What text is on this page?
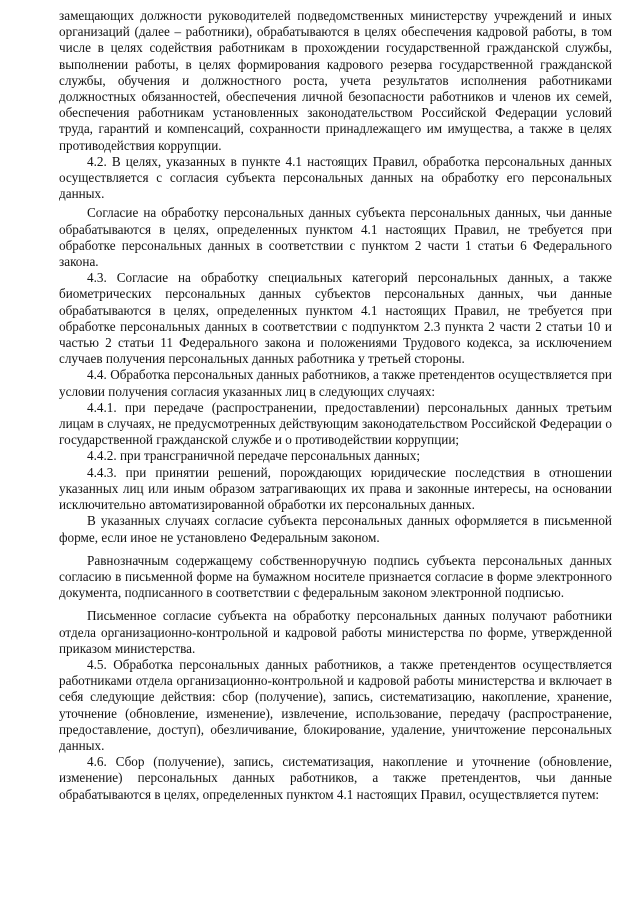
замещающих должности руководителей подведомственных министерству учреждений и иных организаций (далее – работники), обрабатываются в целях обеспечения кадровой работы, в том числе в целях содействия работникам в прохождении государственной гражданской службы, выполнении работы, в целях формирования кадрового резерва государственной гражданской службы, обучения и должностного роста, учета результатов исполнения работниками должностных обязанностей, обеспечения личной безопасности работников и членов их семей, обеспечения работникам установленных законодательством Российской Федерации условий труда, гарантий и компенсаций, сохранности принадлежащего им имущества, а также в целях противодействия коррупции.

4.2. В целях, указанных в пункте 4.1 настоящих Правил, обработка персональных данных осуществляется с согласия субъекта персональных данных на обработку его персональных данных.

Согласие на обработку персональных данных субъекта персональных данных, чьи данные обрабатываются в целях, определенных пунктом 4.1 настоящих Правил, не требуется при обработке персональных данных в соответствии с пунктом 2 части 1 статьи 6 Федерального закона.

4.3. Согласие на обработку специальных категорий персональных данных, а также биометрических персональных данных субъектов персональных данных, чьи данные обрабатываются в целях, определенных пунктом 4.1 настоящих Правил, не требуется при обработке персональных данных в соответствии с подпунктом 2.3 пункта 2 части 2 статьи 10 и частью 2 статьи 11 Федерального закона и положениями Трудового кодекса, за исключением случаев получения персональных данных работника у третьей стороны.

4.4. Обработка персональных данных работников, а также претендентов осуществляется при условии получения согласия указанных лиц в следующих случаях:

4.4.1. при передаче (распространении, предоставлении) персональных данных третьим лицам в случаях, не предусмотренных действующим законодательством Российской Федерации о государственной гражданской службе и о противодействии коррупции;

4.4.2. при трансграничной передаче персональных данных;

4.4.3. при принятии решений, порождающих юридические последствия в отношении указанных лиц или иным образом затрагивающих их права и законные интересы, на основании исключительно автоматизированной обработки их персональных данных.

В указанных случаях согласие субъекта персональных данных оформляется в письменной форме, если иное не установлено Федеральным законом.

Равнозначным содержащему собственноручную подпись субъекта персональных данных согласию в письменной форме на бумажном носителе признается согласие в форме электронного документа, подписанного в соответствии с федеральным законом электронной подписью.

Письменное согласие субъекта на обработку персональных данных получают работники отдела организационно-контрольной и кадровой работы министерства по форме, утвержденной приказом министерства.

4.5. Обработка персональных данных работников, а также претендентов осуществляется работниками отдела организационно-контрольной и кадровой работы министерства и включает в себя следующие действия: сбор (получение), запись, систематизацию, накопление, хранение, уточнение (обновление, изменение), извлечение, использование, передачу (распространение, предоставление, доступ), обезличивание, блокирование, удаление, уничтожение персональных данных.

4.6. Сбор (получение), запись, систематизация, накопление и уточнение (обновление, изменение) персональных данных работников, а также претендентов, чьи данные обрабатываются в целях, определенных пунктом 4.1 настоящих Правил, осуществляется путем:
